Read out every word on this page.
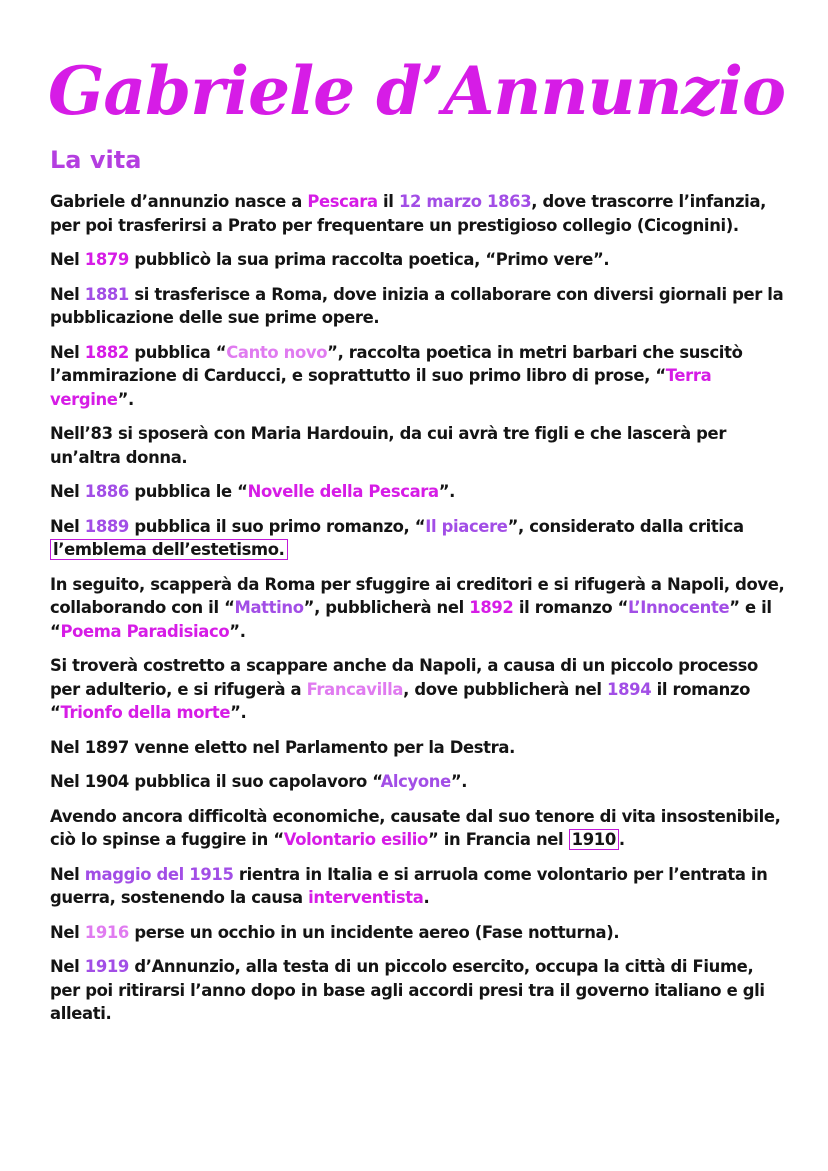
Gabriele d’Annunzio
La vita

Gabriele d’annunzio nasce a Pescara il 12 marzo 1863, dove trascorre l’infanzia, per poi trasferirsi a Prato per frequentare un prestigioso collegio (Cicognini).

Nel 1879 pubblicò la sua prima raccolta poetica, “Primo vere”.

Nel 1881 si trasferisce a Roma, dove inizia a collaborare con diversi giornali per la pubblicazione delle sue prime opere.

Nel 1882 pubblica “Canto novo”, raccolta poetica in metri barbari che suscitò l’ammirazione di Carducci, e soprattutto il suo primo libro di prose, “Terra vergine”.

Nell’83 si sposerà con Maria Hardouin, da cui avrà tre figli e che lascerà per un’altra donna.

Nel 1886 pubblica le “Novelle della Pescara”.

Nel 1889 pubblica il suo primo romanzo, “Il piacere”, considerato dalla critica l’emblema dell’estetismo.

In seguito, scapperà da Roma per sfuggire ai creditori e si rifugerà a Napoli, dove, collaborando con il “Mattino”, pubblicherà nel 1892 il romanzo “L’Innocente” e il “Poema Paradisiaco”.

Si troverà costretto a scappare anche da Napoli, a causa di un piccolo processo per adulterio, e si rifugerà a Francavilla, dove pubblicherà nel 1894 il romanzo “Trionfo della morte”.

Nel 1897 venne eletto nel Parlamento per la Destra.

Nel 1904 pubblica il suo capolavoro “Alcyone”.

Avendo ancora difficoltà economiche, causate dal suo tenore di vita insostenibile, ciò lo spinse a fuggire in “Volontario esilio” in Francia nel 1910 .

Nel maggio del 1915 rientra in Italia e si arruola come volontario per l’entrata in guerra, sostenendo la causa interventista.

Nel 1916 perse un occhio in un incidente aereo (Fase notturna).

Nel 1919 d’Annunzio, alla testa di un piccolo esercito, occupa la città di Fiume, per poi ritirarsi l’anno dopo in base agli accordi presi tra il governo italiano e gli alleati.
